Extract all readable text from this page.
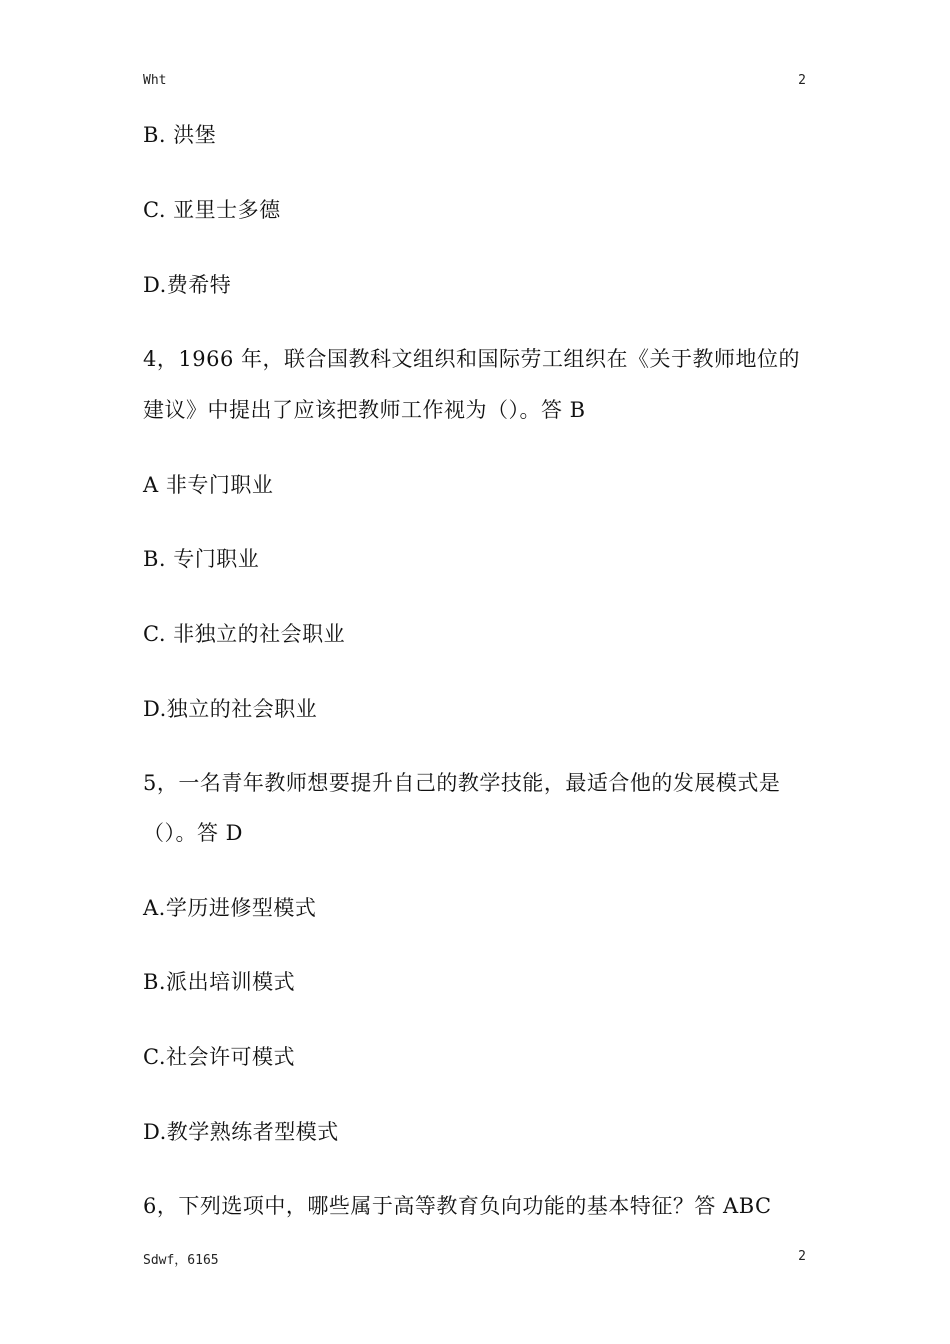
Wht	2
B. 洪堡
C. 亚里士多德
D.费希特
4，1966 年，联合国教科文组织和国际劳工组织在《关于教师地位的
建议》中提出了应该把教师工作视为（）。答 B
A 非专门职业
B. 专门职业
C. 非独立的社会职业
D.独立的社会职业
5，一名青年教师想要提升自己的教学技能，最适合他的发展模式是
（）。答 D
A.学历进修型模式
B.派出培训模式
C.社会许可模式
D.教学熟练者型模式
6，下列选项中，哪些属于高等教育负向功能的基本特征？答 ABC
Sdwf，6165	2
